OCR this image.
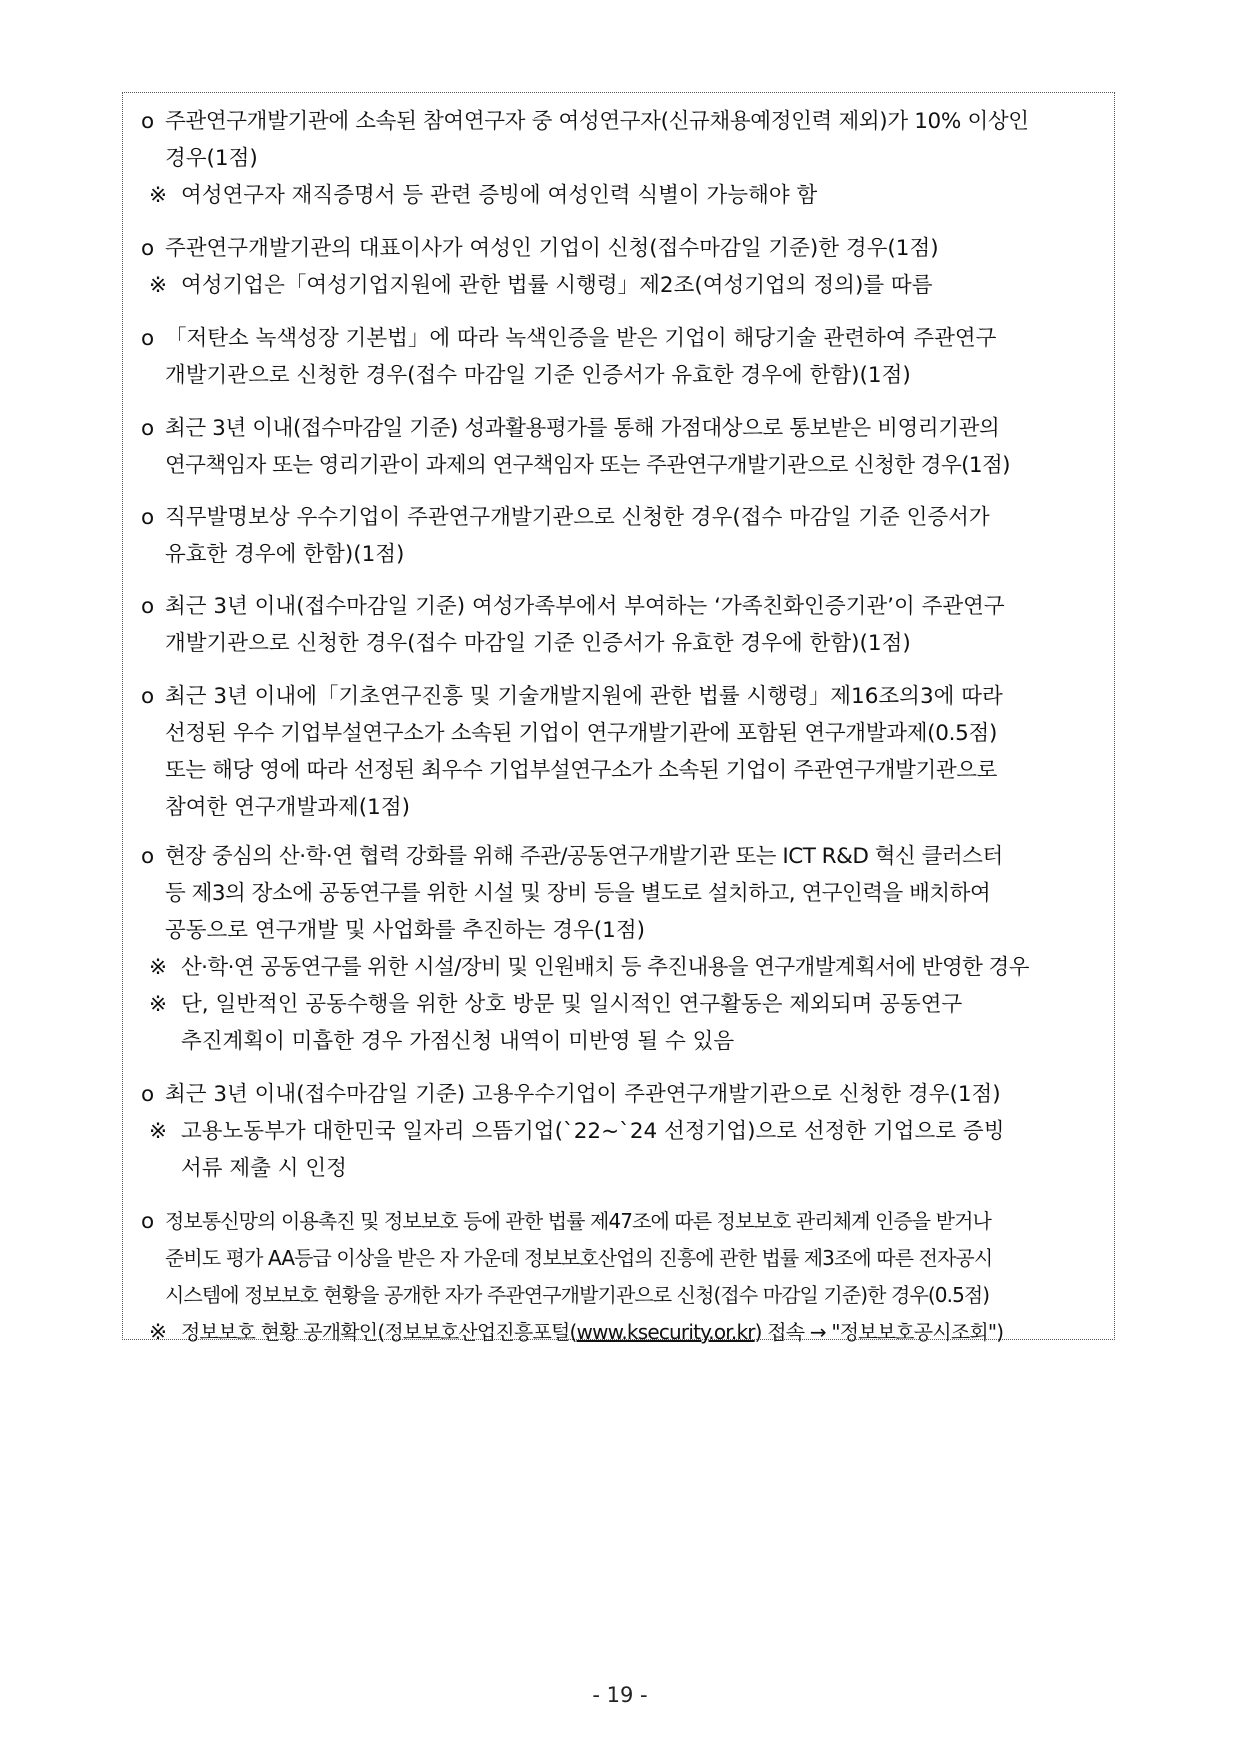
o 주관연구개발기관에 소속된 참여연구자 중 여성연구자(신규채용예정인력 제외)가 10% 이상인
경우(1점)
※ 여성연구자 재직증명서 등 관련 증빙에 여성인력 식별이 가능해야 함
o 주관연구개발기관의 대표이사가 여성인 기업이 신청(접수마감일 기준)한 경우(1점)
※ 여성기업은「여성기업지원에 관한 법률 시행령」제2조(여성기업의 정의)를 따름
o 「저탄소 녹색성장 기본법」에 따라 녹색인증을 받은 기업이 해당기술 관련하여 주관연구
개발기관으로 신청한 경우(접수 마감일 기준 인증서가 유효한 경우에 한함)(1점)
o 최근 3년 이내(접수마감일 기준) 성과활용평가를 통해 가점대상으로 통보받은 비영리기관의
연구책임자 또는 영리기관이 과제의 연구책임자 또는 주관연구개발기관으로 신청한 경우(1점)
o 직무발명보상 우수기업이 주관연구개발기관으로 신청한 경우(접수 마감일 기준 인증서가
유효한 경우에 한함)(1점)
o 최근 3년 이내(접수마감일 기준) 여성가족부에서 부여하는 ‘가족친화인증기관’이 주관연구
개발기관으로 신청한 경우(접수 마감일 기준 인증서가 유효한 경우에 한함)(1점)
o 최근 3년 이내에「기초연구진흥 및 기술개발지원에 관한 법률 시행령」제16조의3에 따라
선정된 우수 기업부설연구소가 소속된 기업이 연구개발기관에 포함된 연구개발과제(0.5점)
또는 해당 영에 따라 선정된 최우수 기업부설연구소가 소속된 기업이 주관연구개발기관으로
참여한 연구개발과제(1점)
o 현장 중심의 산·학·연 협력 강화를 위해 주관/공동연구개발기관 또는 ICT R&D 혁신 클러스터
등 제3의 장소에 공동연구를 위한 시설 및 장비 등을 별도로 설치하고, 연구인력을 배치하여
공동으로 연구개발 및 사업화를 추진하는 경우(1점)
※ 산·학·연 공동연구를 위한 시설/장비 및 인원배치 등 추진내용을 연구개발계획서에 반영한 경우
※ 단, 일반적인 공동수행을 위한 상호 방문 및 일시적인 연구활동은 제외되며 공동연구
추진계획이 미흡한 경우 가점신청 내역이 미반영 될 수 있음
o 최근 3년 이내(접수마감일 기준) 고용우수기업이 주관연구개발기관으로 신청한 경우(1점)
※ 고용노동부가 대한민국 일자리 으뜸기업(`22~`24 선정기업)으로 선정한 기업으로 증빙
서류 제출 시 인정
o 정보통신망의 이용촉진 및 정보보호 등에 관한 법률 제47조에 따른 정보보호 관리체계 인증을 받거나
준비도 평가 AA등급 이상을 받은 자 가운데 정보보호산업의 진흥에 관한 법률 제3조에 따른 전자공시
시스템에 정보보호 현황을 공개한 자가 주관연구개발기관으로 신청(접수 마감일 기준)한 경우(0.5점)
※ 정보보호 현황 공개확인(정보보호산업진흥포털(www.ksecurity.or.kr) 접속 → "정보보호공시조회")
- 19 -
